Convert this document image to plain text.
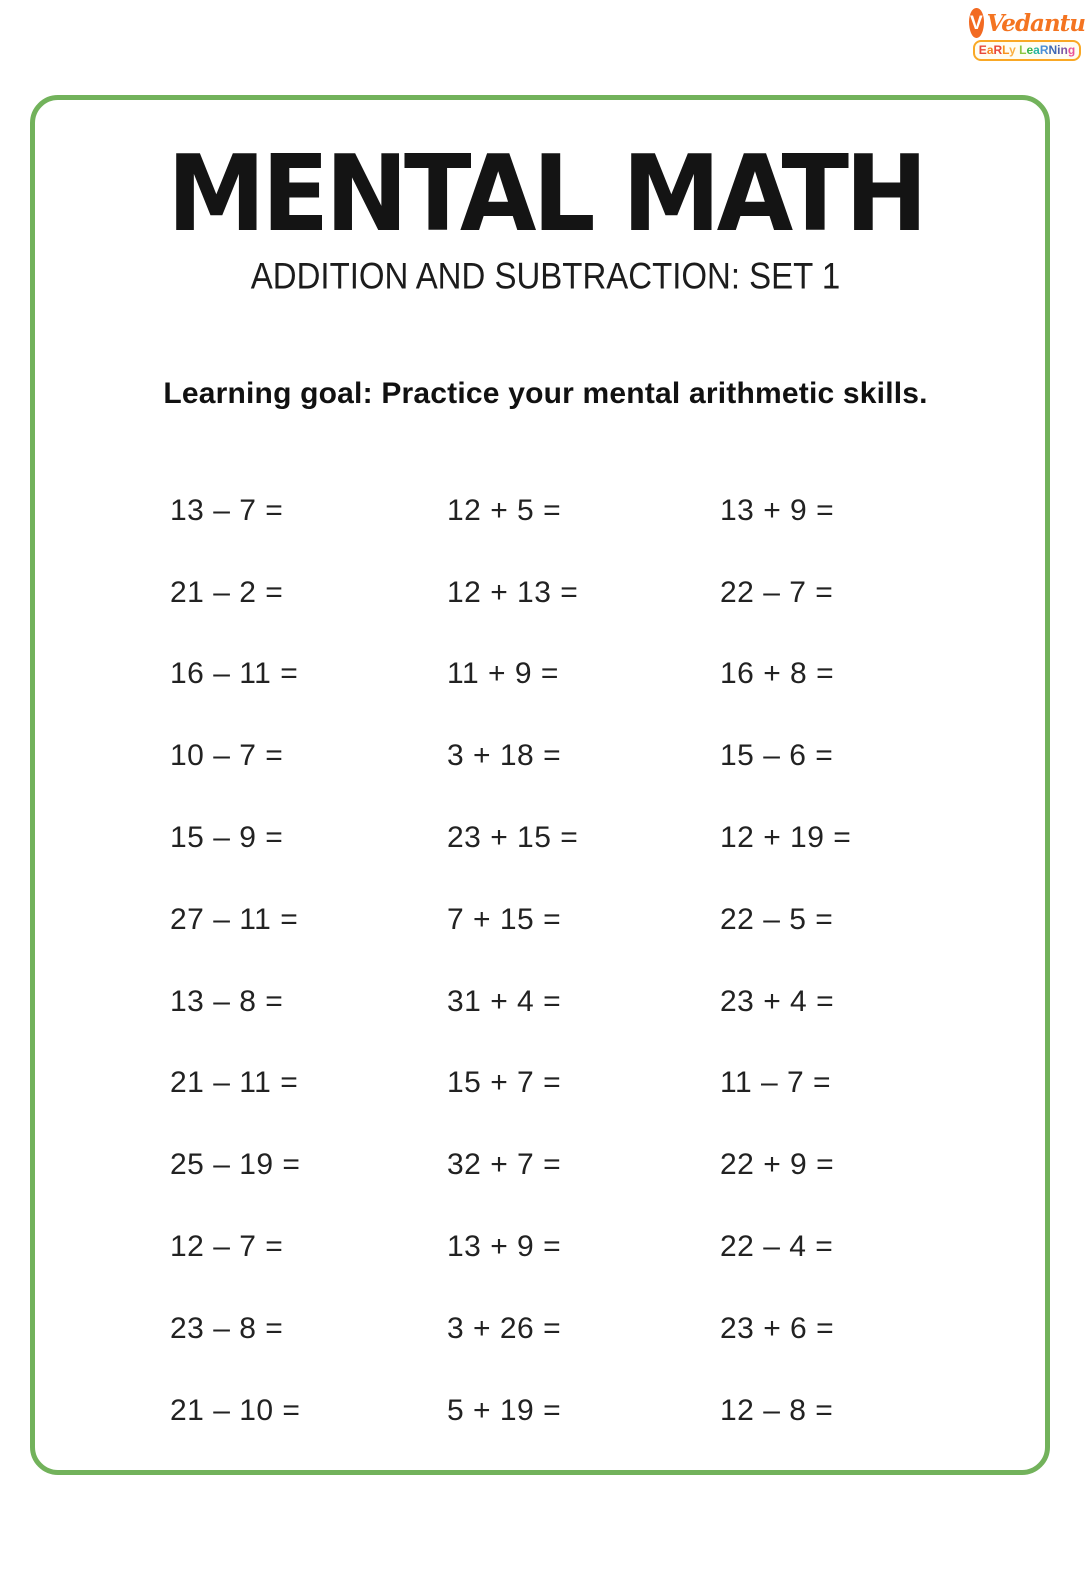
V Vedantu
EaRLy LeaRNing
MENTAL MATH
ADDITION AND SUBTRACTION: SET 1
Learning goal: Practice your mental arithmetic skills.
13 – 7 =	12 + 5 =	13 + 9 =
21 – 2 =	12 + 13 =	22 – 7 =
16 – 11 =	11 + 9 =	16 + 8 =
10 – 7 =	3 + 18 =	15 – 6 =
15 – 9 =	23 + 15 =	12 + 19 =
27 – 11 =	7 + 15 =	22 – 5 =
13 – 8 =	31 + 4 =	23 + 4 =
21 – 11 =	15 + 7 =	11 – 7 =
25 – 19 =	32 + 7 =	22 + 9 =
12 – 7 =	13 + 9 =	22 – 4 =
23 – 8 =	3 + 26 =	23 + 6 =
21 – 10 =	5 + 19 =	12 – 8 =
